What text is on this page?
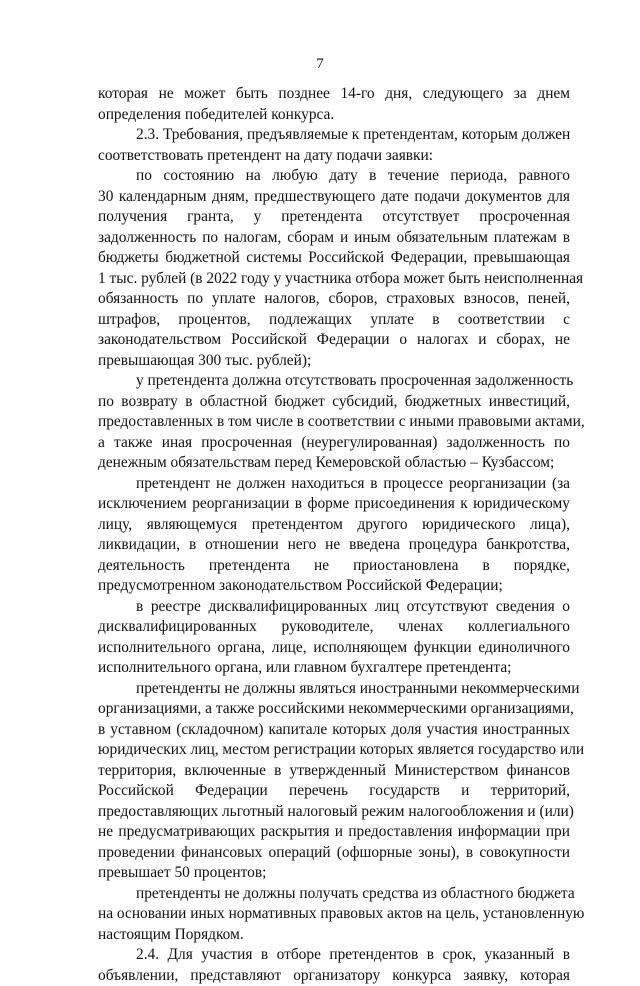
7
которая не может быть позднее 14-го дня, следующего за днем
определения победителей конкурса.
2.3. Требования, предъявляемые к претендентам, которым должен
соответствовать претендент на дату подачи заявки:
по состоянию на любую дату в течение периода, равного
30 календарным дням, предшествующего дате подачи документов для
получения гранта, у претендента отсутствует просроченная
задолженность по налогам, сборам и иным обязательным платежам в
бюджеты бюджетной системы Российской Федерации, превышающая
1 тыс. рублей (в 2022 году у участника отбора может быть неисполненная
обязанность по уплате налогов, сборов, страховых взносов, пеней,
штрафов, процентов, подлежащих уплате в соответствии с
законодательством Российской Федерации о налогах и сборах, не
превышающая 300 тыс. рублей);
у претендента должна отсутствовать просроченная задолженность
по возврату в областной бюджет субсидий, бюджетных инвестиций,
предоставленных в том числе в соответствии с иными правовыми актами,
а также иная просроченная (неурегулированная) задолженность по
денежным обязательствам перед Кемеровской областью – Кузбассом;
претендент не должен находиться в процессе реорганизации (за
исключением реорганизации в форме присоединения к юридическому
лицу, являющемуся претендентом другого юридического лица),
ликвидации, в отношении него не введена процедура банкротства,
деятельность претендента не приостановлена в порядке,
предусмотренном законодательством Российской Федерации;
в реестре дисквалифицированных лиц отсутствуют сведения о
дисквалифицированных руководителе, членах коллегиального
исполнительного органа, лице, исполняющем функции единоличного
исполнительного органа, или главном бухгалтере претендента;
претенденты не должны являться иностранными некоммерческими
организациями, а также российскими некоммерческими организациями,
в уставном (складочном) капитале которых доля участия иностранных
юридических лиц, местом регистрации которых является государство или
территория, включенные в утвержденный Министерством финансов
Российской Федерации перечень государств и территорий,
предоставляющих льготный налоговый режим налогообложения и (или)
не предусматривающих раскрытия и предоставления информации при
проведении финансовых операций (офшорные зоны), в совокупности
превышает 50 процентов;
претенденты не должны получать средства из областного бюджета
на основании иных нормативных правовых актов на цель, установленную
настоящим Порядком.
2.4. Для участия в отборе претендентов в срок, указанный в
объявлении, представляют организатору конкурса заявку, которая
